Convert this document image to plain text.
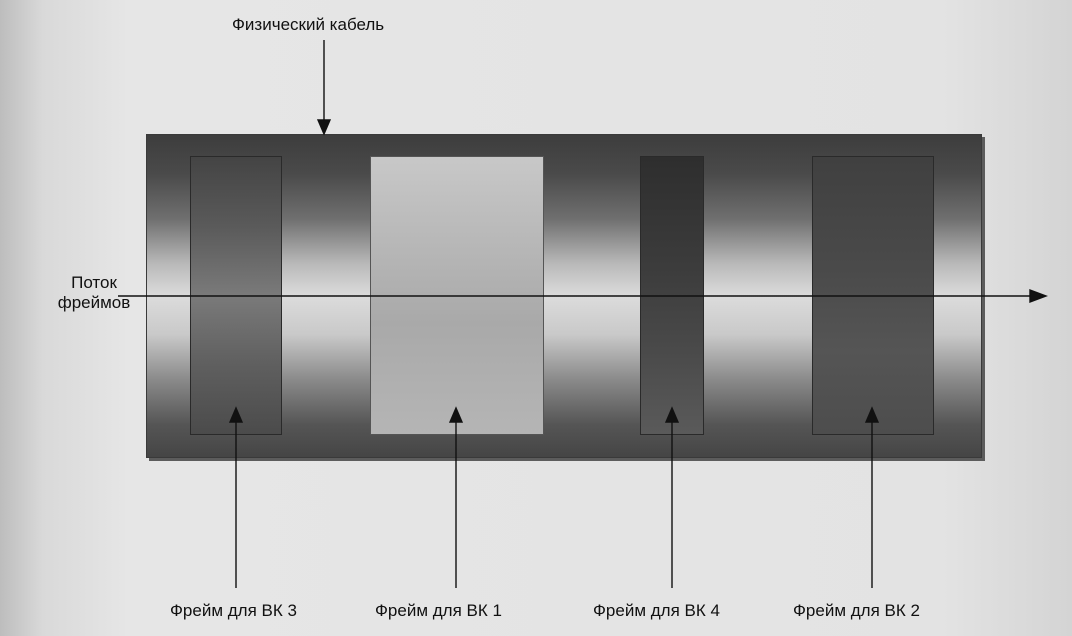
Физический кабель
Поток
фреймов
Фрейм для ВК 3	Фрейм для ВК 1	Фрейм для ВК 4	Фрейм для ВК 2
